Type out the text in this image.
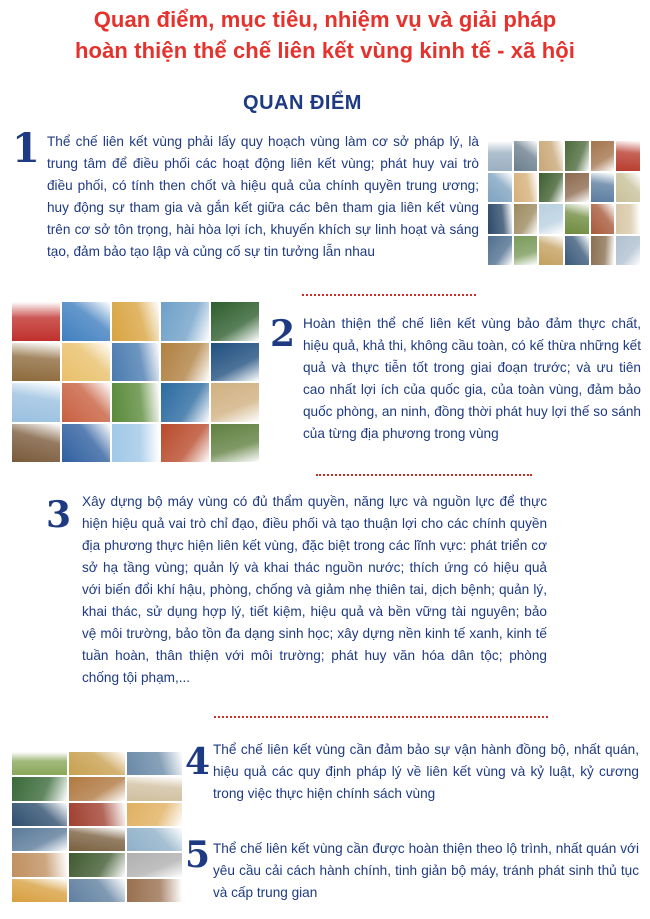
Quan điểm, mục tiêu, nhiệm vụ và giải pháp
hoàn thiện thể chế liên kết vùng kinh tế - xã hội
QUAN ĐIỂM
1 Thể chế liên kết vùng phải lấy quy hoạch vùng làm cơ sở pháp lý, là trung tâm để điều phối các hoạt động liên kết vùng; phát huy vai trò điều phối, có tính then chốt và hiệu quả của chính quyền trung ương; huy động sự tham gia và gắn kết giữa các bên tham gia liên kết vùng trên cơ sở tôn trọng, hài hòa lợi ích, khuyến khích sự linh hoạt và sáng tạo, đảm bảo tạo lập và củng cố sự tin tưởng lẫn nhau
2 Hoàn thiện thể chế liên kết vùng bảo đảm thực chất, hiệu quả, khả thi, không cầu toàn, có kế thừa những kết quả và thực tiễn tốt trong giai đoạn trước; và ưu tiên cao nhất lợi ích của quốc gia, của toàn vùng, đảm bảo quốc phòng, an ninh, đồng thời phát huy lợi thế so sánh của từng địa phương trong vùng
3 Xây dựng bộ máy vùng có đủ thẩm quyền, năng lực và nguồn lực để thực hiện hiệu quả vai trò chỉ đạo, điều phối và tạo thuận lợi cho các chính quyền địa phương thực hiện liên kết vùng, đặc biệt trong các lĩnh vực: phát triển cơ sở hạ tầng vùng; quản lý và khai thác nguồn nước; thích ứng có hiệu quả với biến đổi khí hậu, phòng, chống và giảm nhẹ thiên tai, dịch bệnh; quản lý, khai thác, sử dụng hợp lý, tiết kiệm, hiệu quả và bền vững tài nguyên; bảo vệ môi trường, bảo tồn đa dạng sinh học; xây dựng nền kinh tế xanh, kinh tế tuần hoàn, thân thiện với môi trường; phát huy văn hóa dân tộc; phòng chống tội phạm,...
4 Thể chế liên kết vùng cần đảm bảo sự vận hành đồng bộ, nhất quán, hiệu quả các quy định pháp lý về liên kết vùng và kỷ luật, kỷ cương trong việc thực hiện chính sách vùng
5 Thể chế liên kết vùng cần được hoàn thiện theo lộ trình, nhất quán với yêu cầu cải cách hành chính, tinh giản bộ máy, tránh phát sinh thủ tục và cấp trung gian
